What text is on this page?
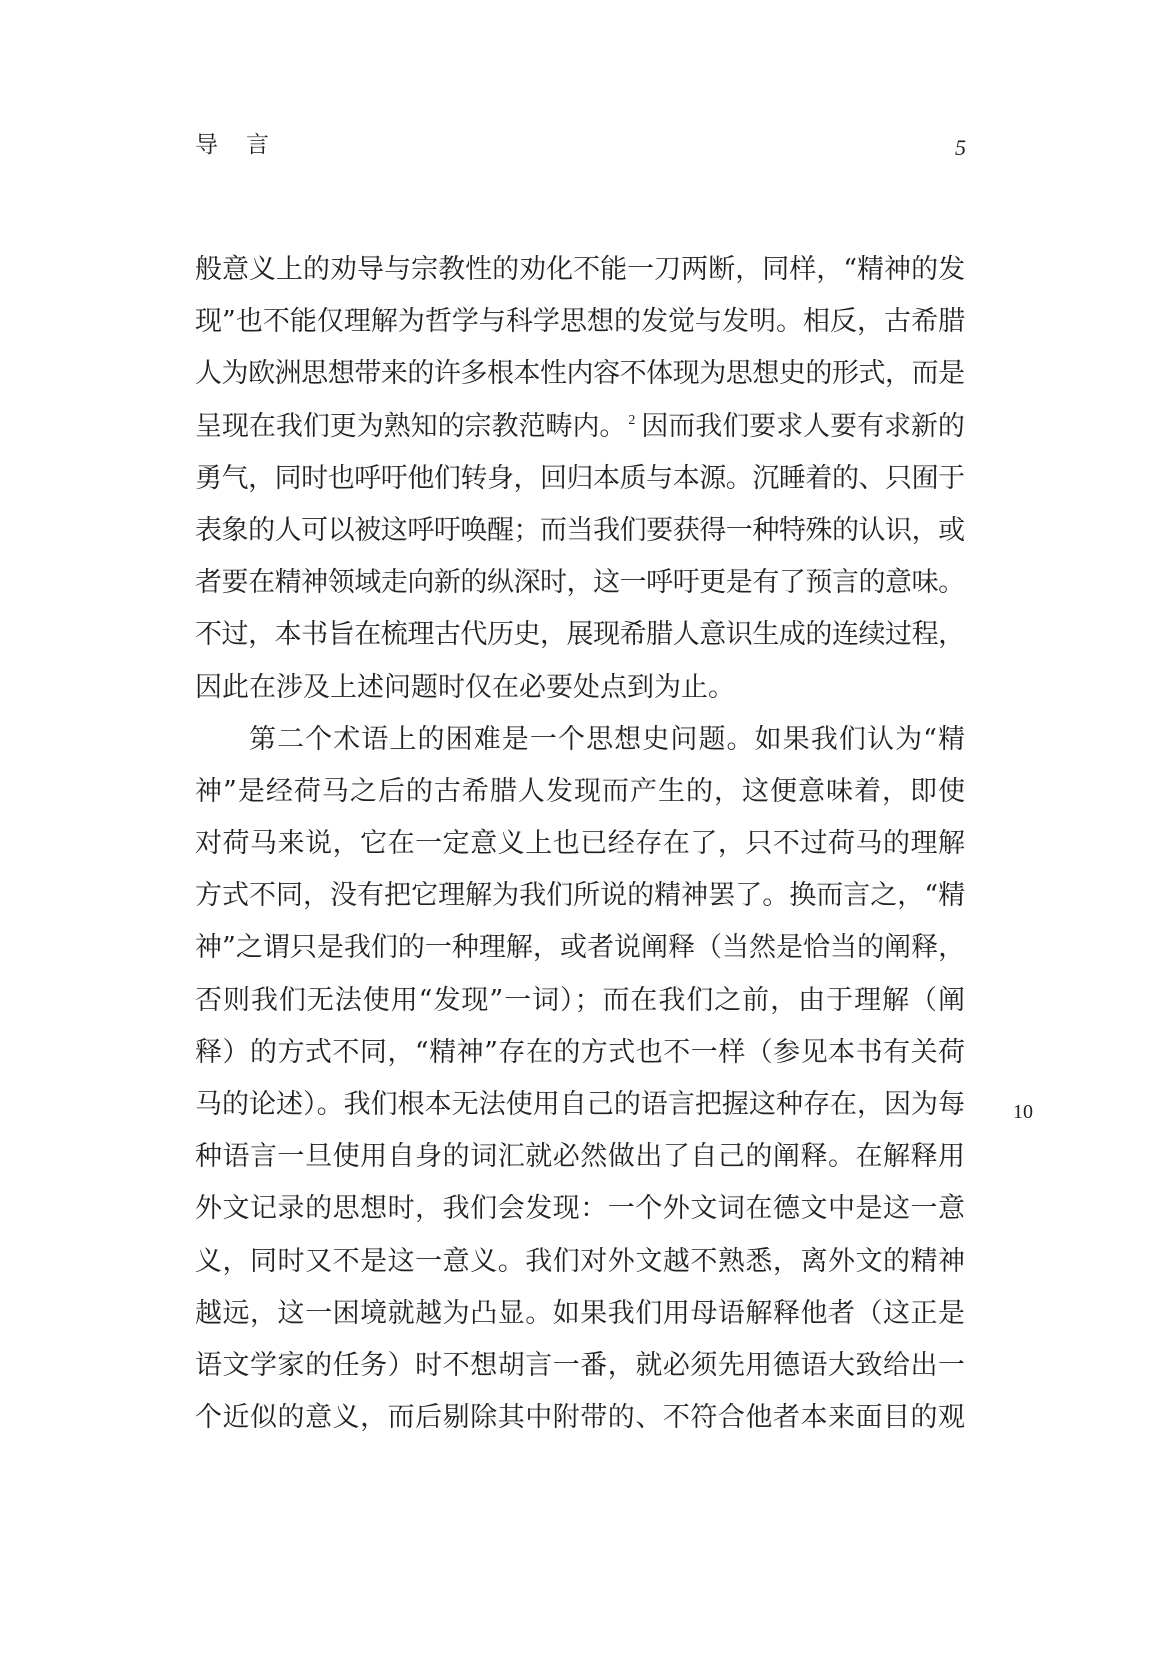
导言	5
般意义上的劝导与宗教性的劝化不能一刀两断，同样，“精神的发
现”也不能仅理解为哲学与科学思想的发觉与发明。相反，古希腊
人为欧洲思想带来的许多根本性内容不体现为思想史的形式，而是
呈现在我们更为熟知的宗教范畴内。 $^2$ 因而我们要求人要有求新的
勇气，同时也呼吁他们转身，回归本质与本源。沉睡着的、只囿于
表象的人可以被这呼吁唤醒；而当我们要获得一种特殊的认识，或
者要在精神领域走向新的纵深时，这一呼吁更是有了预言的意味。
不过，本书旨在梳理古代历史，展现希腊人意识生成的连续过程，
因此在涉及上述问题时仅在必要处点到为止。
第二个术语上的困难是一个思想史问题。如果我们认为“精
神”是经荷马之后的古希腊人发现而产生的，这便意味着，即使
对荷马来说，它在一定意义上也已经存在了，只不过荷马的理解
方式不同，没有把它理解为我们所说的精神罢了。换而言之，“精
神”之谓只是我们的一种理解，或者说阐释（当然是恰当的阐释，
否则我们无法使用“发现”一词）；而在我们之前，由于理解（阐
释）的方式不同，“精神”存在的方式也不一样（参见本书有关荷
马的论述）。我们根本无法使用自己的语言把握这种存在，因为每
种语言一旦使用自身的词汇就必然做出了自己的阐释。在解释用
外文记录的思想时，我们会发现：一个外文词在德文中是这一意
义，同时又不是这一意义。我们对外文越不熟悉，离外文的精神
越远，这一困境就越为凸显。如果我们用母语解释他者（这正是
语文学家的任务）时不想胡言一番，就必须先用德语大致给出一
个近似的意义，而后剔除其中附带的、不符合他者本来面目的观
10
